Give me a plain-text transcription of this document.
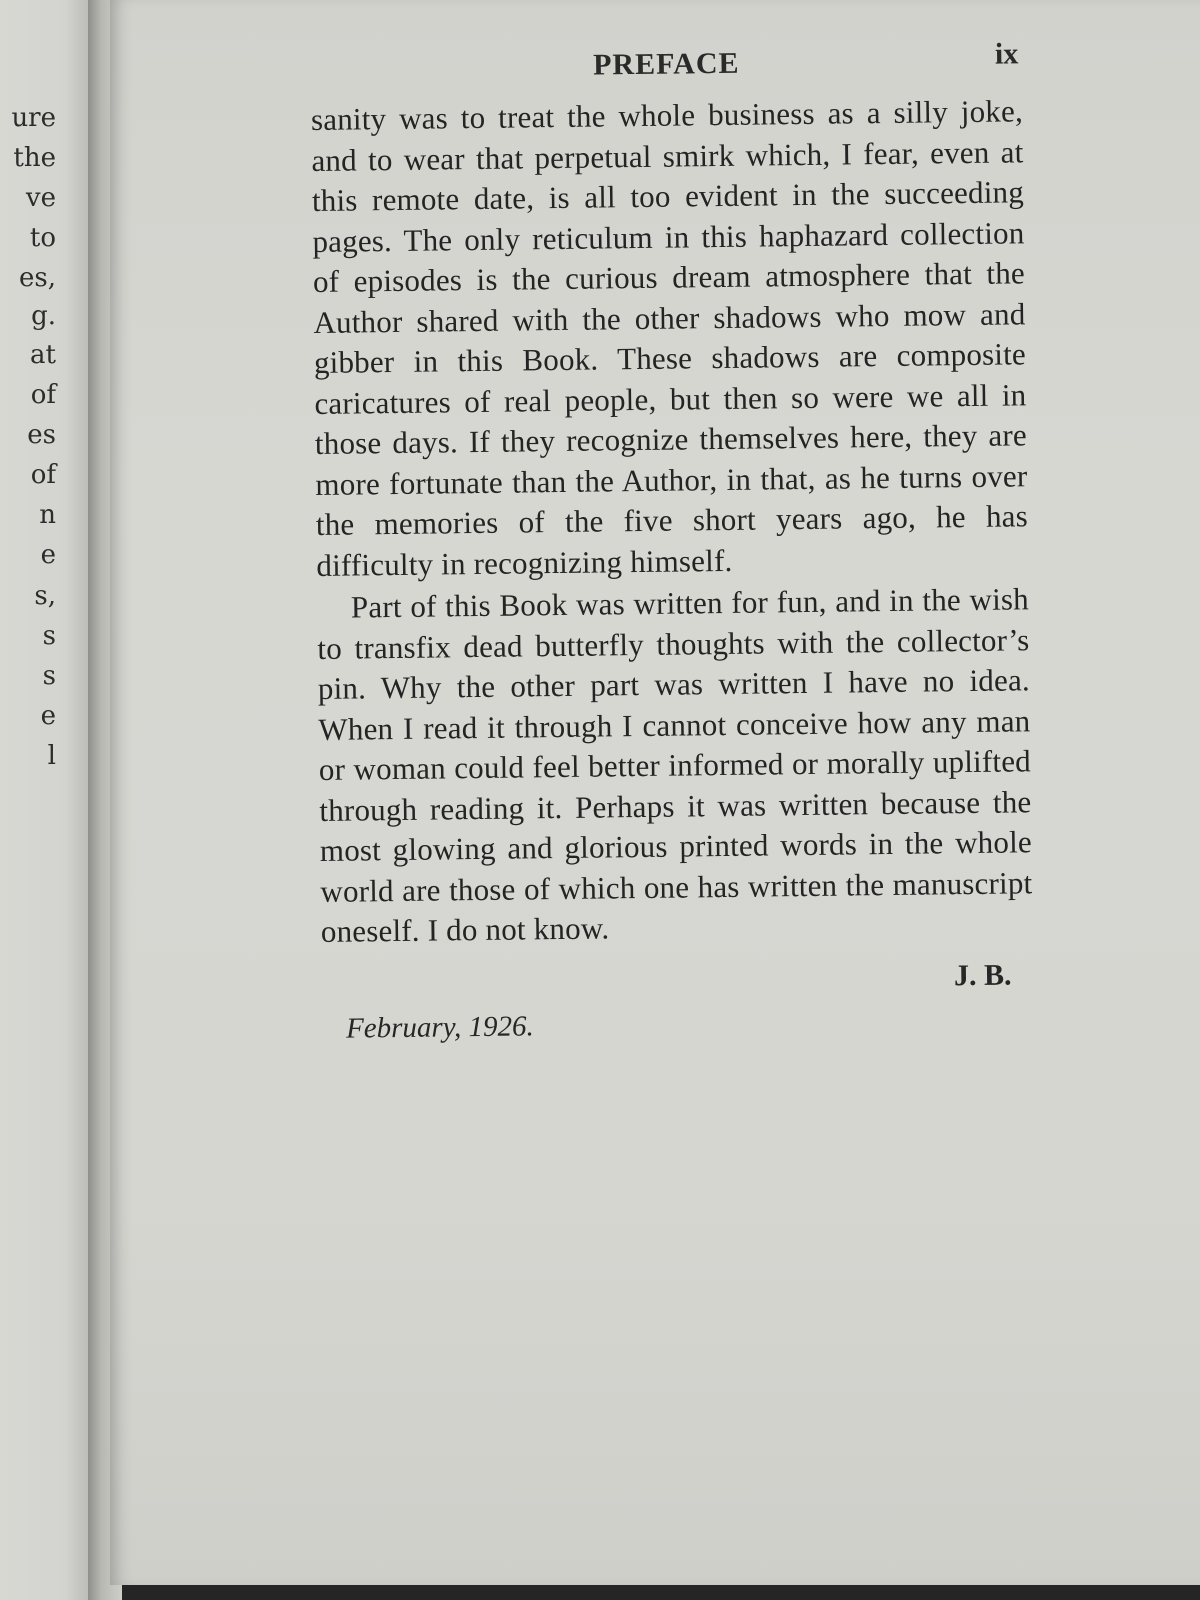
ure
the
ve
to
es,
g.
at
of
es
of
n
e
s,
s
s
e
l
PREFACE	ix

sanity was to treat the whole business as a silly joke, and to wear that perpetual smirk which, I fear, even at this remote date, is all too evident in the succeeding pages. The only reticulum in this haphazard collection of episodes is the curious dream atmosphere that the Author shared with the other shadows who mow and gibber in this Book. These shadows are composite caricatures of real people, but then so were we all in those days. If they recognize themselves here, they are more fortunate than the Author, in that, as he turns over the memories of the five short years ago, he has difficulty in recognizing himself.

Part of this Book was written for fun, and in the wish to transfix dead butterfly thoughts with the collector’s pin. Why the other part was written I have no idea. When I read it through I cannot conceive how any man or woman could feel better informed or morally uplifted through reading it. Perhaps it was written because the most glowing and glorious printed words in the whole world are those of which one has written the manuscript oneself. I do not know.

J. B.
February, 1926.
